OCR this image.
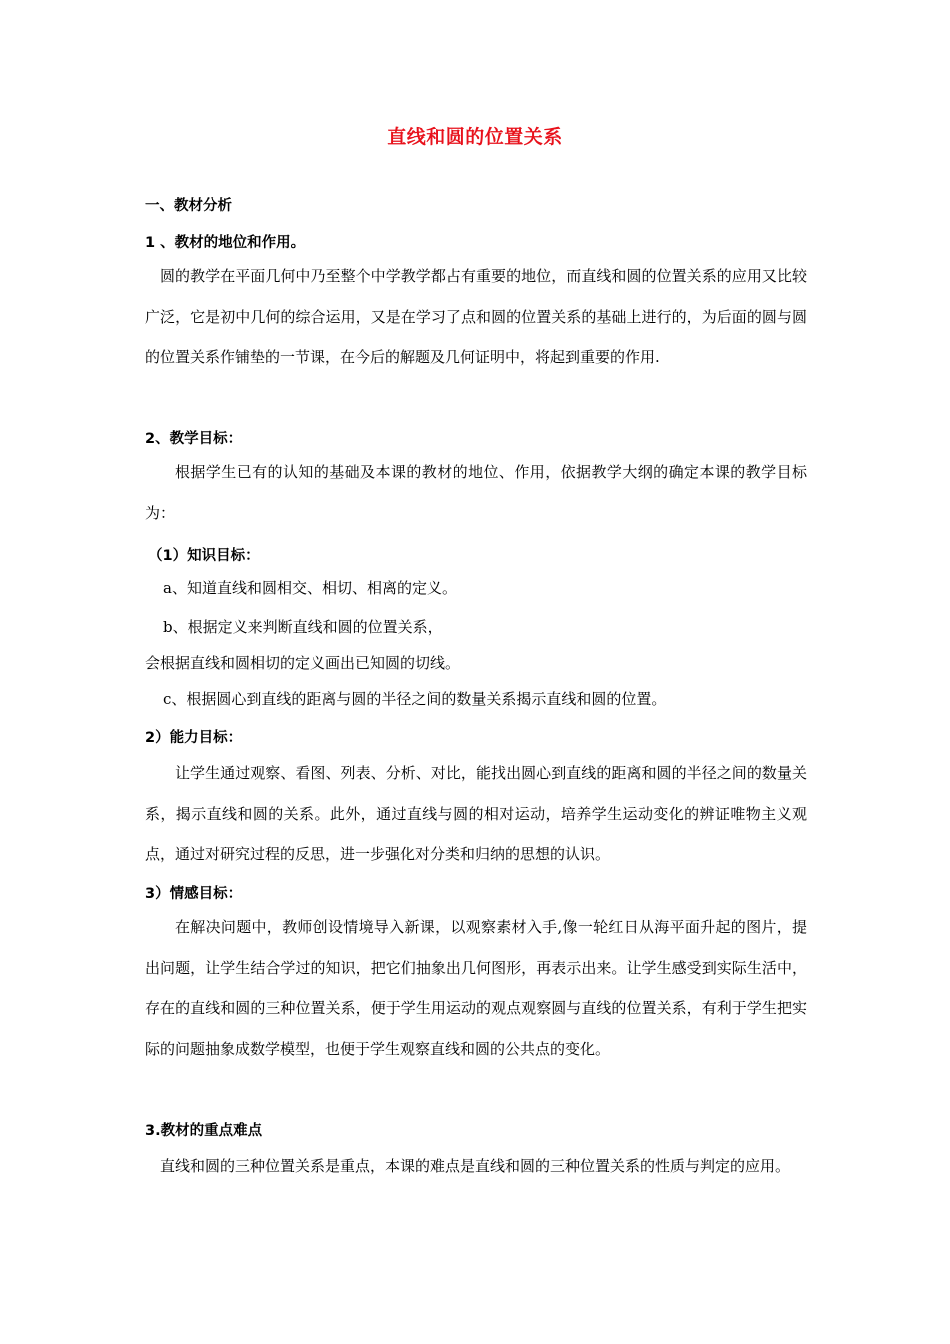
直线和圆的位置关系
一、教材分析
1 、教材的地位和作用。
圆的教学在平面几何中乃至整个中学教学都占有重要的地位，而直线和圆的位置关系的应用又比较广泛，它是初中几何的综合运用，又是在学习了点和圆的位置关系的基础上进行的，为后面的圆与圆的位置关系作铺垫的一节课，在今后的解题及几何证明中，将起到重要的作用.
2、教学目标：
根据学生已有的认知的基础及本课的教材的地位、作用，依据教学大纲的确定本课的教学目标为：
（1）知识目标：
a、知道直线和圆相交、相切、相离的定义。
b、根据定义来判断直线和圆的位置关系，
会根据直线和圆相切的定义画出已知圆的切线。
c、根据圆心到直线的距离与圆的半径之间的数量关系揭示直线和圆的位置。
2）能力目标：
让学生通过观察、看图、列表、分析、对比，能找出圆心到直线的距离和圆的半径之间的数量关系，揭示直线和圆的关系。此外，通过直线与圆的相对运动，培养学生运动变化的辨证唯物主义观点，通过对研究过程的反思，进一步强化对分类和归纳的思想的认识。
3）情感目标：
在解决问题中，教师创设情境导入新课，以观察素材入手,像一轮红日从海平面升起的图片，提出问题，让学生结合学过的知识，把它们抽象出几何图形，再表示出来。让学生感受到实际生活中，存在的直线和圆的三种位置关系，便于学生用运动的观点观察圆与直线的位置关系，有利于学生把实际的问题抽象成数学模型，也便于学生观察直线和圆的公共点的变化。
3.教材的重点难点
直线和圆的三种位置关系是重点，本课的难点是直线和圆的三种位置关系的性质与判定的应用。
